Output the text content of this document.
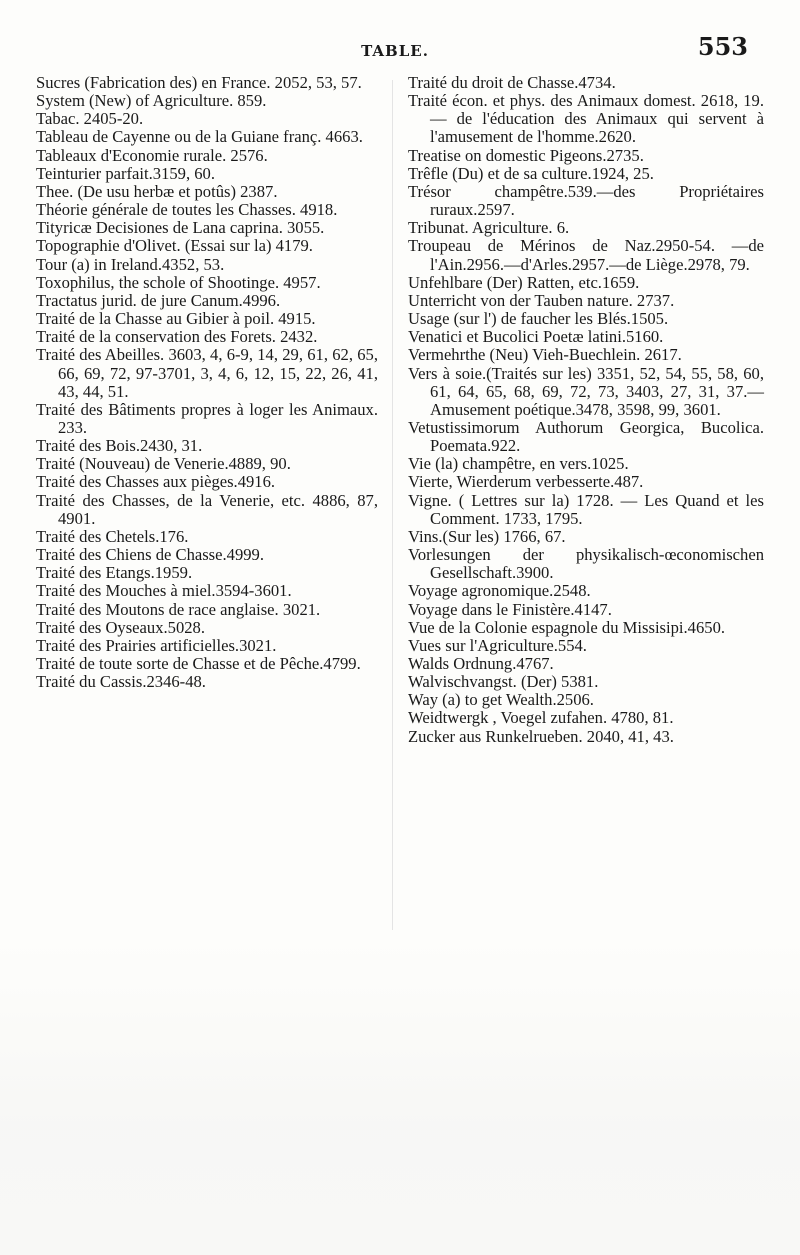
TABLE.	553

Sucres (Fabrication des) en France. 2052, 53, 57.

System (New) of Agriculture. 859.

Tabac. 2405-20.

Tableau de Cayenne ou de la Guiane franç. 4663.

Tableaux d'Economie rurale. 2576.

Teinturier parfait.3159, 60.

Thee. (De usu herbæ et potûs) 2387.

Théorie générale de toutes les Chasses. 4918.

Tityricæ Decisiones de Lana caprina. 3055.

Topographie d'Olivet. (Essai sur la) 4179.

Tour (a) in Ireland.4352, 53.

Toxophilus, the schole of Shootinge. 4957.

Tractatus jurid. de jure Canum.4996.

Traité de la Chasse au Gibier à poil. 4915.

Traité de la conservation des Forets. 2432.

Traité des Abeilles. 3603, 4, 6-9, 14, 29, 61, 62, 65, 66, 69, 72, 97-3701, 3, 4, 6, 12, 15, 22, 26, 41, 43, 44, 51.

Traité des Bâtiments propres à loger les Animaux. 233.

Traité des Bois.2430, 31.

Traité (Nouveau) de Venerie.4889, 90.

Traité des Chasses aux pièges.4916.

Traité des Chasses, de la Venerie, etc. 4886, 87, 4901.

Traité des Chetels.176.

Traité des Chiens de Chasse.4999.

Traité des Etangs.1959.

Traité des Mouches à miel.3594-3601.

Traité des Moutons de race anglaise. 3021.

Traité des Oyseaux.5028.

Traité des Prairies artificielles.3021.

Traité de toute sorte de Chasse et de Pêche.4799.

Traité du Cassis.2346-48.

Traité du droit de Chasse.4734.

Traité écon. et phys. des Animaux domest. 2618, 19.— de l'éducation des Animaux qui servent à l'amusement de l'homme.2620.

Treatise on domestic Pigeons.2735.

Trêfle (Du) et de sa culture.1924, 25.

Trésor champêtre.539.—des Propriétaires ruraux.2597.

Tribunat. Agriculture. 6.

Troupeau de Mérinos de Naz.2950-54. —de l'Ain.2956.—d'Arles.2957.—de Liège.2978, 79.

Unfehlbare (Der) Ratten, etc.1659.

Unterricht von der Tauben nature. 2737.

Usage (sur l') de faucher les Blés.1505.

Venatici et Bucolici Poetæ latini.5160.

Vermehrthe (Neu) Vieh-Buechlein. 2617.

Vers à soie.(Traités sur les) 3351, 52, 54, 55, 58, 60, 61, 64, 65, 68, 69, 72, 73, 3403, 27, 31, 37.— Amusement poétique.3478, 3598, 99, 3601.

Vetustissimorum Authorum Georgica, Bucolica. Poemata.922.

Vie (la) champêtre, en vers.1025.

Vierte, Wierderum verbesserte.487.

Vigne. ( Lettres sur la) 1728. — Les Quand et les Comment. 1733, 1795.

Vins.(Sur les) 1766, 67.

Vorlesungen der physikalisch-œconomischen Gesellschaft.3900.

Voyage agronomique.2548.

Voyage dans le Finistère.4147.

Vue de la Colonie espagnole du Missisipi.4650.

Vues sur l'Agriculture.554.

Walds Ordnung.4767.

Walvischvangst. (Der) 5381.

Way (a) to get Wealth.2506.

Weidtwergk , Voegel zufahen. 4780, 81.

Zucker aus Runkelrueben. 2040, 41, 43.
